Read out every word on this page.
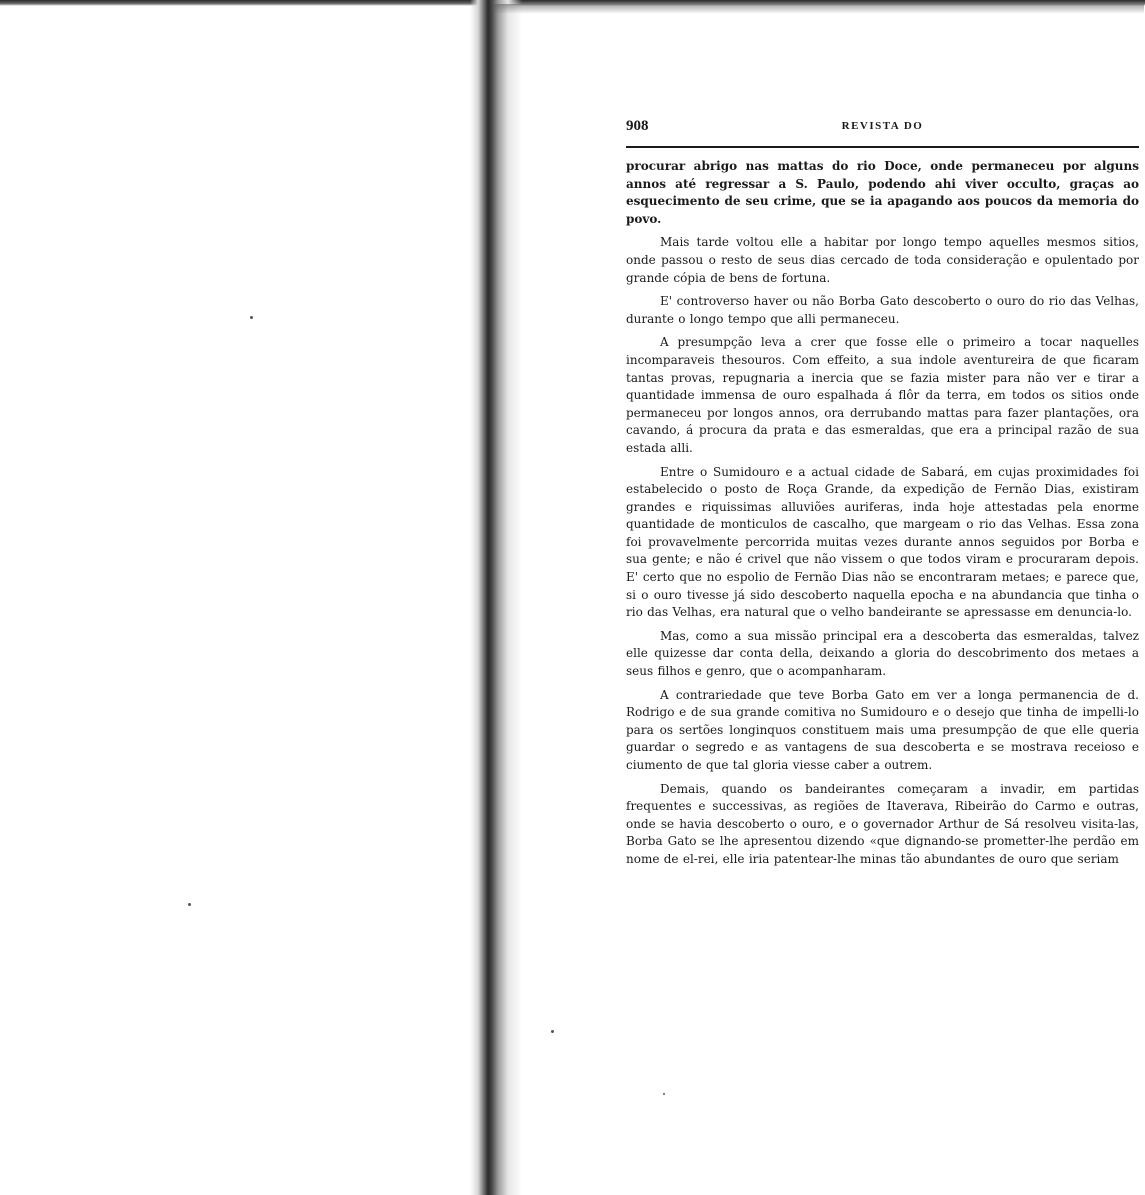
908	REVISTA DO

procurar abrigo nas mattas do rio Doce, onde permaneceu por alguns annos até regressar a S. Paulo, podendo ahi viver occulto, graças ao esquecimento de seu crime, que se ia apagando aos poucos da memoria do povo.

Mais tarde voltou elle a habitar por longo tempo aquelles mesmos sitios, onde passou o resto de seus dias cercado de toda consideração e opulentado por grande cópia de bens de fortuna.

E' controverso haver ou não Borba Gato descoberto o ouro do rio das Velhas, durante o longo tempo que alli permaneceu.

A presumpção leva a crer que fosse elle o primeiro a tocar naquelles incomparaveis thesouros. Com effeito, a sua indole aventureira de que ficaram tantas provas, repugnaria a inercia que se fazia mister para não ver e tirar a quantidade immensa de ouro espalhada á flôr da terra, em todos os sitios onde permaneceu por longos annos, ora derrubando mattas para fazer plantações, ora cavando, á procura da prata e das esmeraldas, que era a principal razão de sua estada alli.

Entre o Sumidouro e a actual cidade de Sabará, em cujas proximidades foi estabelecido o posto de Roça Grande, da expedição de Fernão Dias, existiram grandes e riquissimas alluviões auriferas, inda hoje attestadas pela enorme quantidade de monticulos de cascalho, que margeam o rio das Velhas. Essa zona foi provavelmente percorrida muitas vezes durante annos seguidos por Borba e sua gente; e não é crivel que não vissem o que todos viram e procuraram depois. E' certo que no espolio de Fernão Dias não se encontraram metaes; e parece que, si o ouro tivesse já sido descoberto naquella epocha e na abundancia que tinha o rio das Velhas, era natural que o velho bandeirante se apressasse em denuncia-lo.

Mas, como a sua missão principal era a descoberta das esmeraldas, talvez elle quizesse dar conta della, deixando a gloria do descobrimento dos metaes a seus filhos e genro, que o acompanharam.

A contrariedade que teve Borba Gato em ver a longa permanencia de d. Rodrigo e de sua grande comitiva no Sumidouro e o desejo que tinha de impelli-lo para os sertões longinquos constituem mais uma presumpção de que elle queria guardar o segredo e as vantagens de sua descoberta e se mostrava receioso e ciumento de que tal gloria viesse caber a outrem.

Demais, quando os bandeirantes começaram a invadir, em partidas frequentes e successivas, as regiões de Itaverava, Ribeirão do Carmo e outras, onde se havia descoberto o ouro, e o governador Arthur de Sá resolveu visita-las, Borba Gato se lhe apresentou dizendo «que dignando-se prometter-lhe perdão em nome de el-rei, elle iria patentear-lhe minas tão abundantes de ouro que seriam
